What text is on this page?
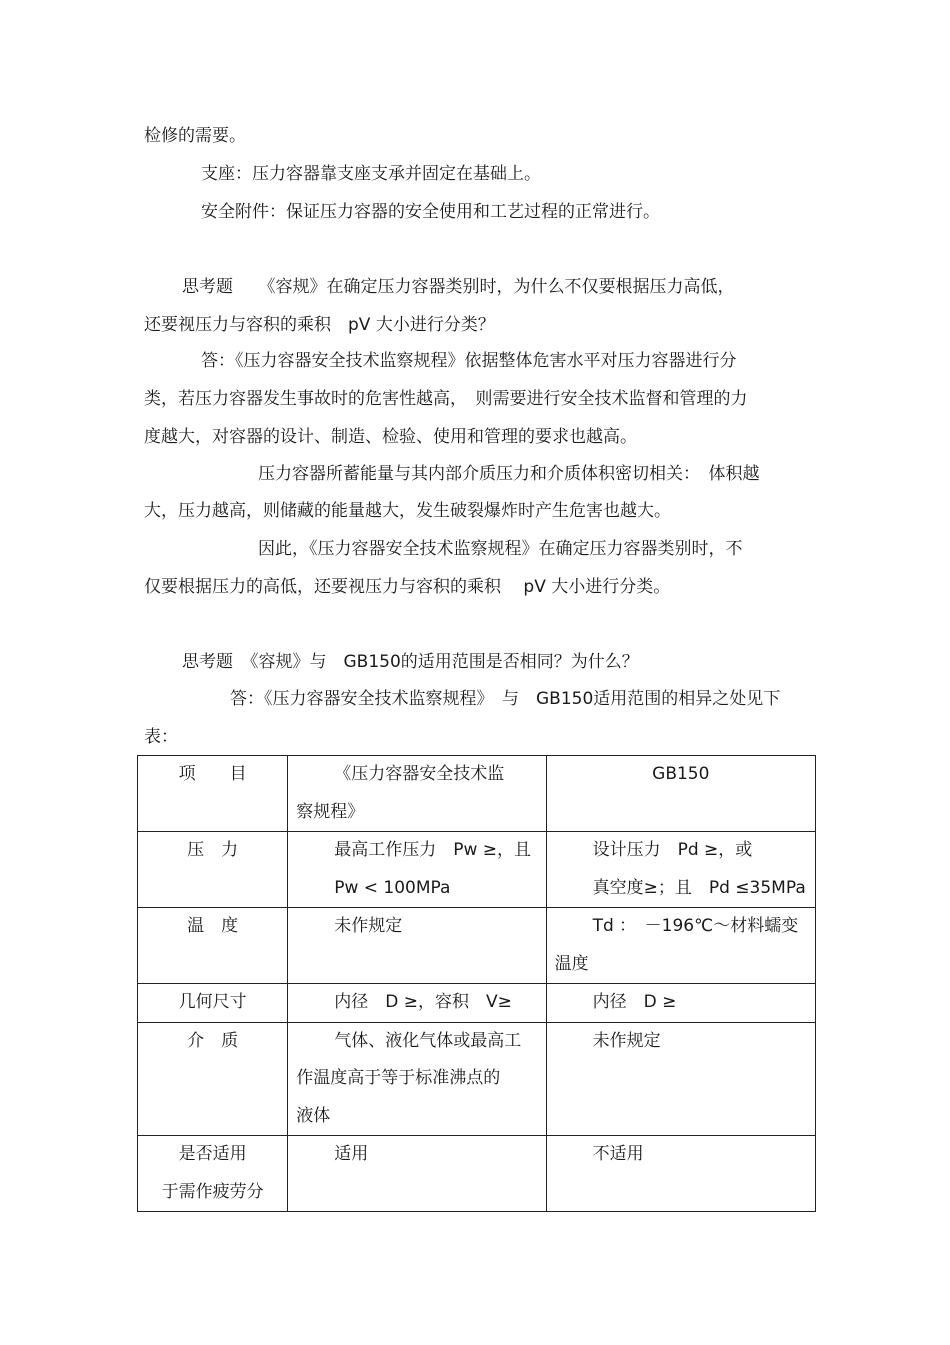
检修的需要。
支座：压力容器靠支座支承并固定在基础上。
安全附件：保证压力容器的安全使用和工艺过程的正常进行。
思考题　　《容规》在确定压力容器类别时，为什么不仅要根据压力高低，
还要视压力与容积的乘积　pV 大小进行分类？
答：《压力容器安全技术监察规程》依据整体危害水平对压力容器进行分
类，若压力容器发生事故时的危害性越高，　则需要进行安全技术监督和管理的力
度越大，对容器的设计、制造、检验、使用和管理的要求也越高。
压力容器所蓄能量与其内部介质压力和介质体积密切相关：　体积越
大，压力越高，则储藏的能量越大，发生破裂爆炸时产生危害也越大。
因此，《压力容器安全技术监察规程》在确定压力容器类别时，不
仅要根据压力的高低，还要视压力与容积的乘积　 pV 大小进行分类。
思考题　《容规》与　GB150的适用范围是否相同？为什么？
答：《压力容器安全技术监察规程》　与　GB150适用范围的相异之处见下
表：
项　　目	《压力容器安全技术监
察规程》	GB150

压　力	最高工作压力　Pw ≥，且
Pw < 100MPa	设计压力　Pd ≥，或
真空度≥；且　Pd ≤35MPa

温　度	未作规定	Td ：　－196℃～材料蠕变
温度

几何尺寸	内径　D ≥，容积　V≥	内径　D ≥

介　质	气体、液化气体或最高工
作温度高于等于标准沸点的
液体	未作规定

是否适用
于需作疲劳分	适用	不适用
